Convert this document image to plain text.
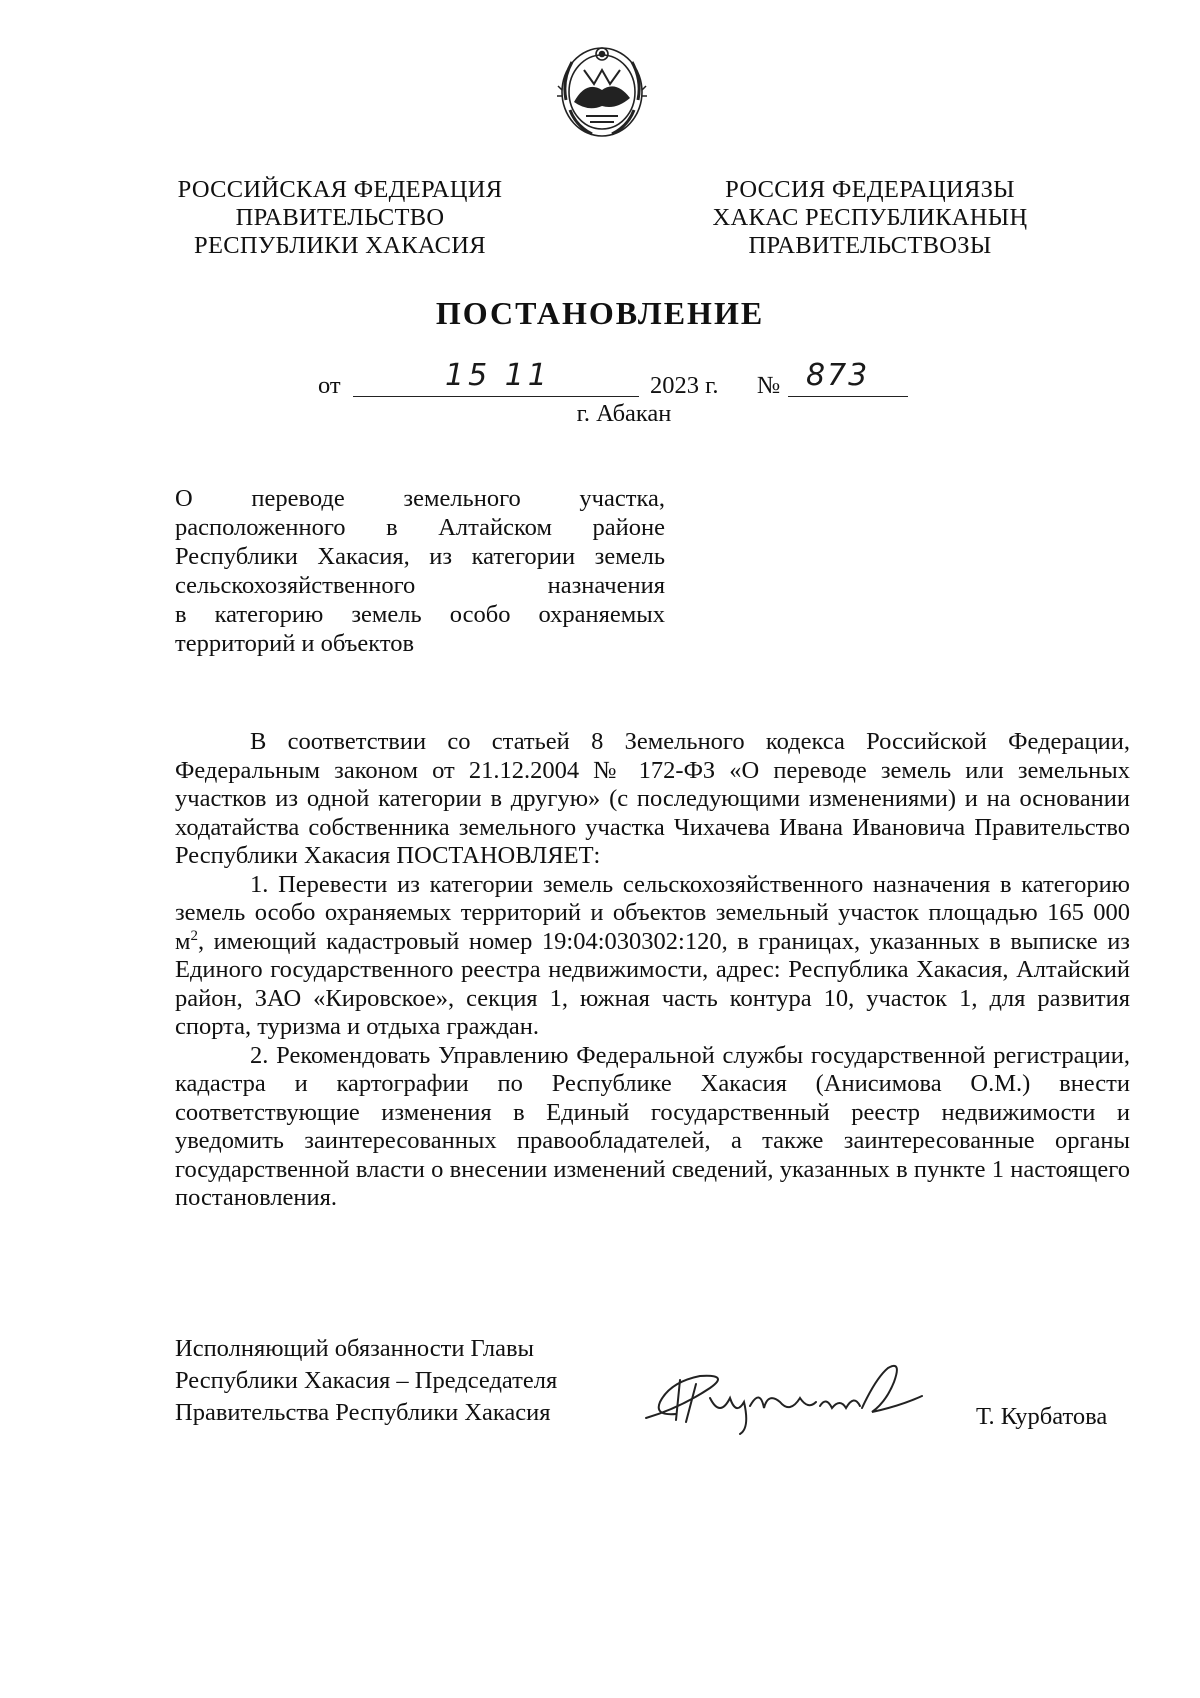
РОССИЙСКАЯ ФЕДЕРАЦИЯ
ПРАВИТЕЛЬСТВО
РЕСПУБЛИКИ ХАКАСИЯ
РОССИЯ ФЕДЕРАЦИЯЗЫ
ХАКАС РЕСПУБЛИКАНЫҢ
ПРАВИТЕЛЬСТВОЗЫ
ПОСТАНОВЛЕНИЕ
от	15 11	2023 г. № 873
г. Абакан
О переводе земельного участка,
расположенного в Алтайском районе
Республики Хакасия, из категории земель
сельскохозяйственного назначения
в категорию земель особо охраняемых
территорий и объектов

В соответствии со статьей 8 Земельного кодекса Российской Федерации, Федеральным законом от 21.12.2004 № 172-ФЗ «О переводе земель или земельных участков из одной категории в другую» (с последующими изменениями) и на основании ходатайства собственника земельного участка Чихачева Ивана Ивановича Правительство Республики Хакасия ПОСТАНОВЛЯЕТ:

1. Перевести из категории земель сельскохозяйственного назначения в категорию земель особо охраняемых территорий и объектов земельный участок площадью 165 000 $м^2$, имеющий кадастровый номер 19:04:030302:120, в границах, указанных в выписке из Единого государственного реестра недвижимости, адрес: Республика Хакасия, Алтайский район, ЗАО «Кировское», секция 1, южная часть контура 10, участок 1, для развития спорта, туризма и отдыха граждан.

2. Рекомендовать Управлению Федеральной службы государственной регистрации, кадастра и картографии по Республике Хакасия (Анисимова О.М.) внести соответствующие изменения в Единый государственный реестр недвижимости и уведомить заинтересованных правообладателей, а также заинтересованные органы государственной власти о внесении изменений сведений, указанных в пункте 1 настоящего постановления.

Исполняющий обязанности Главы
Республики Хакасия – Председателя
Правительства Республики Хакасия	Т. Курбатова
